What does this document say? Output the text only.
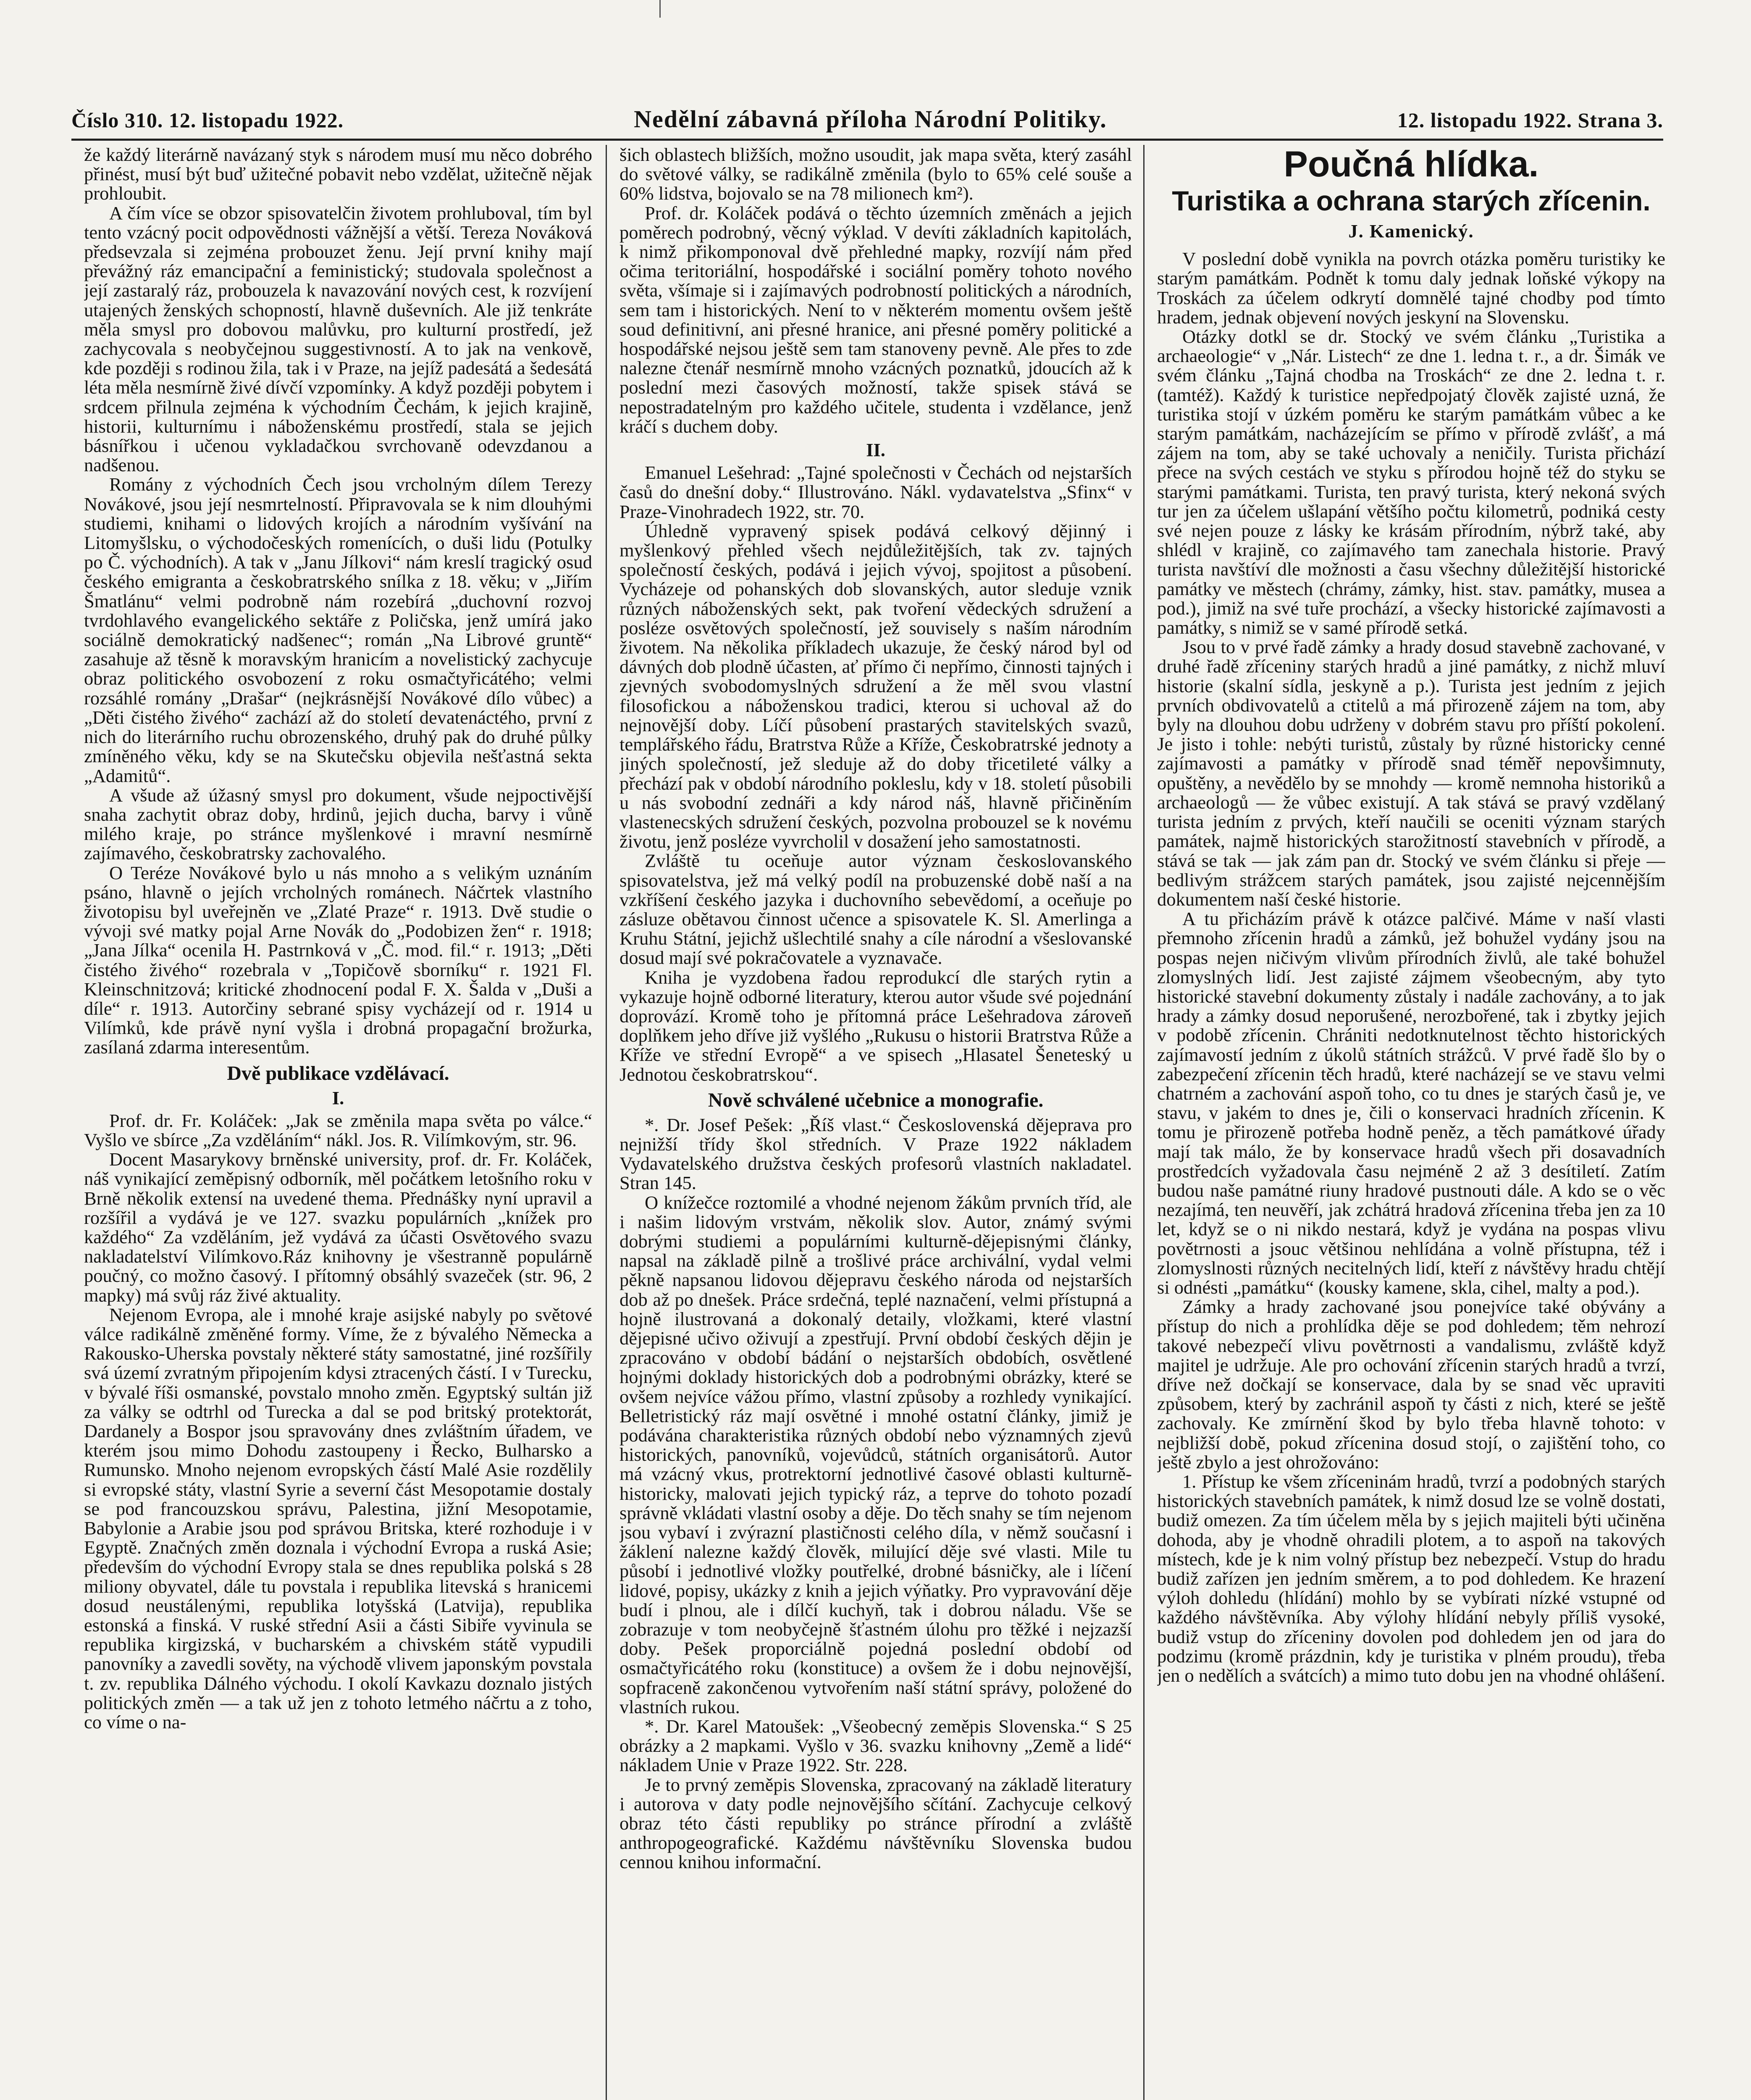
Číslo 310. 12. listopadu 1922.	Nedělní zábavná příloha Národní Politiky.	12. listopadu 1922. Strana 3.

že každý literárně navázaný styk s národem musí mu něco dobrého přinést, musí být buď užitečné pobavit nebo vzdělat, užitečně nějak prohloubit.

A čím více se obzor spisovatelčin životem prohluboval, tím byl tento vzácný pocit odpovědnosti vážnější a větší. Tereza Nováková předsevzala si zejména probouzet ženu. Její první knihy mají převážný ráz emancipační a feministický; studovala společnost a její zastaralý ráz, probouzela k navazování nových cest, k rozvíjení utajených ženských schopností, hlavně duševních. Ale již tenkráte měla smysl pro dobovou malůvku, pro kulturní prostředí, jež zachycovala s neobyčejnou suggestivností. A to jak na venkově, kde později s rodinou žila, tak i v Praze, na jejíž padesátá a šedesátá léta měla nesmírně živé dívčí vzpomínky. A když později pobytem i srdcem přilnula zejména k východním Čechám, k jejich krajině, historii, kulturnímu i náboženskému prostředí, stala se jejich básnířkou i učenou vykladačkou svrchovaně odevzdanou a nadšenou.

Romány z východních Čech jsou vrcholným dílem Terezy Novákové, jsou její nesmrtelností. Připravovala se k nim dlouhými studiemi, knihami o lidových krojích a národním vyšívání na Litomyšlsku, o východočeských romenících, o duši lidu (Potulky po Č. východních). A tak v „Janu Jílkovi“ nám kreslí tragický osud českého emigranta a českobratrského snílka z 18. věku; v „Jiřím Šmatlánu“ velmi podrobně nám rozebírá „duchovní rozvoj tvrdohlavého evangelického sektáře z Poličska, jenž umírá jako sociálně demokratický nadšenec“; román „Na Librové gruntě“ zasahuje až těsně k moravským hranicím a novelistický zachycuje obraz politického osvobození z roku osmačtyřicátého; velmi rozsáhlé romány „Drašar“ (nejkrásnější Novákové dílo vůbec) a „Děti čistého živého“ zachází až do století devatenáctého, první z nich do literárního ruchu obrozenského, druhý pak do druhé půlky zmíněného věku, kdy se na Skutečsku objevila nešťastná sekta „Adamitů“.

A všude až úžasný smysl pro dokument, všude nejpoctivější snaha zachytit obraz doby, hrdinů, jejich ducha, barvy i vůně milého kraje, po stránce myšlenkové i mravní nesmírně zajímavého, českobratrsky zachovalého.

O Teréze Novákové bylo u nás mnoho a s velikým uznáním psáno, hlavně o jejích vrcholných románech. Náčrtek vlastního životopisu byl uveřejněn ve „Zlaté Praze“ r. 1913. Dvě studie o vývoji své matky pojal Arne Novák do „Podobizen žen“ r. 1918; „Jana Jílka“ ocenila H. Pastrnková v „Č. mod. fil.“ r. 1913; „Děti čistého živého“ rozebrala v „Topičově sborníku“ r. 1921 Fl. Kleinschnitzová; kritické zhodnocení podal F. X. Šalda v „Duši a díle“ r. 1913. Autorčiny sebrané spisy vycházejí od r. 1914 u Vilímků, kde právě nyní vyšla i drobná propagační brožurka, zasílaná zdarma interesentům.

Dvě publikace vzdělávací.
I.

Prof. dr. Fr. Koláček: „Jak se změnila mapa světa po válce.“ Vyšlo ve sbírce „Za vzděláním“ nákl. Jos. R. Vilímkovým, str. 96.

Docent Masarykovy brněnské university, prof. dr. Fr. Koláček, náš vynikající zeměpisný odborník, měl počátkem letošního roku v Brně několik extensí na uvedené thema. Přednášky nyní upravil a rozšířil a vydává je ve 127. svazku populárních „knížek pro každého“ Za vzděláním, jež vydává za účasti Osvětového svazu nakladatelství Vilímkovo.Ráz knihovny je všestranně populárně poučný, co možno časový. I přítomný obsáhlý svazeček (str. 96, 2 mapky) má svůj ráz živé aktuality.

Nejenom Evropa, ale i mnohé kraje asijské nabyly po světové válce radikálně změněné formy. Víme, že z bývalého Německa a Rakousko-Uherska povstaly některé státy samostatné, jiné rozšířily svá území zvratným připojením kdysi ztracených částí. I v Turecku, v bývalé říši osmanské, povstalo mnoho změn. Egyptský sultán již za války se odtrhl od Turecka a dal se pod britský protektorát, Dardanely a Bospor jsou spravovány dnes zvláštním úřadem, ve kterém jsou mimo Dohodu zastoupeny i Řecko, Bulharsko a Rumunsko. Mnoho nejenom evropských částí Malé Asie rozdělily si evropské státy, vlastní Syrie a severní část Mesopotamie dostaly se pod francouzskou správu, Palestina, jižní Mesopotamie, Babylonie a Arabie jsou pod správou Britska, které rozhoduje i v Egyptě. Značných změn doznala i východní Evropa a ruská Asie; především do východní Evropy stala se dnes republika polská s 28 miliony obyvatel, dále tu povstala i republika litevská s hranicemi dosud neustálenými, republika lotyšská (Latvija), republika estonská a finská. V ruské střední Asii a části Sibiře vyvinula se republika kirgizská, v bucharském a chivském státě vypudili panovníky a zavedli sověty, na východě vlivem japonským povstala t. zv. republika Dálného východu. I okolí Kavkazu doznalo jistých politických změn — a tak už jen z tohoto letmého náčrtu a z toho, co víme o na-

šich oblastech bližších, možno usoudit, jak mapa světa, který zasáhl do světové války, se radikálně změnila (bylo to 65% celé souše a 60% lidstva, bojovalo se na 78 milionech km²).

Prof. dr. Koláček podává o těchto územních změnách a jejich poměrech podrobný, věcný výklad. V devíti základních kapitolách, k nimž přikomponoval dvě přehledné mapky, rozvíjí nám před očima teritoriální, hospodářské i sociální poměry tohoto nového světa, všímaje si i zajímavých podrobností politických a národních, sem tam i historických. Není to v některém momentu ovšem ještě soud definitivní, ani přesné hranice, ani přesné poměry politické a hospodářské nejsou ještě sem tam stanoveny pevně. Ale přes to zde nalezne čtenář nesmírně mnoho vzácných poznatků, jdoucích až k poslední mezi časových možností, takže spisek stává se nepostradatelným pro každého učitele, studenta i vzdělance, jenž kráčí s duchem doby.

II.

Emanuel Lešehrad: „Tajné společnosti v Čechách od nejstarších časů do dnešní doby.“ Illustrováno. Nákl. vydavatelstva „Sfinx“ v Praze-Vinohradech 1922, str. 70.

Úhledně vypravený spisek podává celkový dějinný i myšlenkový přehled všech nejdůležitějších, tak zv. tajných společností českých, podává i jejich vývoj, spojitost a působení. Vycházeje od pohanských dob slovanských, autor sleduje vznik různých náboženských sekt, pak tvoření vědeckých sdružení a posléze osvětových společností, jež souvisely s naším národním životem. Na několika příkladech ukazuje, že český národ byl od dávných dob plodně účasten, ať přímo či nepřímo, činnosti tajných i zjevných svobodomyslných sdružení a že měl svou vlastní filosofickou a náboženskou tradici, kterou si uchoval až do nejnovější doby. Líčí působení prastarých stavitelských svazů, templářského řádu, Bratrstva Růže a Kříže, Českobratrské jednoty a jiných společností, jež sleduje až do doby třicetileté války a přechází pak v období národního pokleslu, kdy v 18. století působili u nás svobodní zednáři a kdy národ náš, hlavně přičiněním vlastenecských sdružení českých, pozvolna probouzel se k novému životu, jenž posléze vyvrcholil v dosažení jeho samostatnosti.

Zvláště tu oceňuje autor význam českoslovanského spisovatelstva, jež má velký podíl na probuzenské době naší a na vzkříšení českého jazyka i duchovního sebevědomí, a oceňuje po zásluze obětavou činnost učence a spisovatele K. Sl. Amerlinga a Kruhu Státní, jejichž ušlechtilé snahy a cíle národní a všeslovanské dosud mají své pokračovatele a vyznavače.

Kniha je vyzdobena řadou reprodukcí dle starých rytin a vykazuje hojně odborné literatury, kterou autor všude své pojednání doprovází. Kromě toho je přítomná práce Lešehradova zároveň doplňkem jeho dříve již vyšlého „Rukusu o historii Bratrstva Růže a Kříže ve střední Evropě“ a ve spisech „Hlasatel Šeneteský u Jednotou českobratrskou“.

Nově schválené učebnice a monografie.

*. Dr. Josef Pešek: „Říš vlast.“ Československá dějeprava pro nejnižší třídy škol středních. V Praze 1922 nákladem Vydavatelského družstva českých profesorů vlastních nakladatel. Stran 145.

O knížečce roztomilé a vhodné nejenom žákům prvních tříd, ale i našim lidovým vrstvám, několik slov. Autor, známý svými dobrými studiemi a populárními kulturně-dějepisnými články, napsal na základě pilně a trošlivé práce archivální, vydal velmi pěkně napsanou lidovou dějepravu českého národa od nejstarších dob až po dnešek. Práce srdečná, teplé naznačení, velmi přístupná a hojně ilustrovaná a dokonalý detaily, vložkami, které vlastní dějepisné učivo oživují a zpestřují. První období českých dějin je zpracováno v období bádání o nejstarších obdobích, osvětlené hojnými doklady historických dob a podrobnými obrázky, které se ovšem nejvíce vážou přímo, vlastní způsoby a rozhledy vynikající. Belletristický ráz mají osvětné i mnohé ostatní články, jimiž je podávána charakteristika různých období nebo významných zjevů historických, panovníků, vojevůdců, státních organisátorů. Autor má vzácný vkus, protrektorní jednotlivé časové oblasti kulturně-historicky, malovati jejich typický ráz, a teprve do tohoto pozadí správně vkládati vlastní osoby a děje. Do těch snahy se tím nejenom jsou vybaví i zvýrazní plastičnosti celého díla, v němž současní i žáklení nalezne každý člověk, milující děje své vlasti. Mile tu působí i jednotlivé vložky poutřelké, drobné básničky, ale i líčení lidové, popisy, ukázky z knih a jejich výňatky. Pro vypravování děje budí i plnou, ale i dílčí kuchyň, tak i dobrou náladu. Vše se zobrazuje v tom neobyčejně šťastném úlohu pro těžké i nejzazší doby. Pešek proporciálně pojedná poslední období od osmačtyřicátého roku (konstituce) a ovšem že i dobu nejnovější, sopfraceně zakončenou vytvořením naší státní správy, položené do vlastních rukou.

*. Dr. Karel Matoušek: „Všeobecný zeměpis Slovenska.“ S 25 obrázky a 2 mapkami. Vyšlo v 36. svazku knihovny „Země a lidé“ nákladem Unie v Praze 1922. Str. 228.

Je to prvný zeměpis Slovenska, zpracovaný na základě literatury i autorova v daty podle nejnovějšího sčítání. Zachycuje celkový obraz této části republiky po stránce přírodní a zvláště anthropogeografické. Každému návštěvníku Slovenska budou cennou knihou informační.

Poučná hlídka.
Turistika a ochrana starých zřícenin.
J. Kamenický.

V poslední době vynikla na povrch otázka poměru turistiky ke starým památkám. Podnět k tomu daly jednak loňské výkopy na Troskách za účelem odkrytí domnělé tajné chodby pod tímto hradem, jednak objevení nových jeskyní na Slovensku.

Otázky dotkl se dr. Stocký ve svém článku „Turistika a archaeologie“ v „Nár. Listech“ ze dne 1. ledna t. r., a dr. Šimák ve svém článku „Tajná chodba na Troskách“ ze dne 2. ledna t. r. (tamtéž). Každý k turistice nepředpojatý člověk zajisté uzná, že turistika stojí v úzkém poměru ke starým památkám vůbec a ke starým památkám, nacházejícím se přímo v přírodě zvlášť, a má zájem na tom, aby se také uchovaly a neničily. Turista přichází přece na svých cestách ve styku s přírodou hojně též do styku se starými památkami. Turista, ten pravý turista, který nekoná svých tur jen za účelem ušlapání většího počtu kilometrů, podniká cesty své nejen pouze z lásky ke krásám přírodním, nýbrž také, aby shlédl v krajině, co zajímavého tam zanechala historie. Pravý turista navštíví dle možnosti a času všechny důležitější historické památky ve městech (chrámy, zámky, hist. stav. památky, musea a pod.), jimiž na své tuře prochází, a všecky historické zajímavosti a památky, s nimiž se v samé přírodě setká.

Jsou to v prvé řadě zámky a hrady dosud stavebně zachované, v druhé řadě zříceniny starých hradů a jiné památky, z nichž mluví historie (skalní sídla, jeskyně a p.). Turista jest jedním z jejich prvních obdivovatelů a ctitelů a má přirozeně zájem na tom, aby byly na dlouhou dobu udrženy v dobrém stavu pro příští pokolení. Je jisto i tohle: nebýti turistů, zůstaly by různé historicky cenné zajímavosti a památky v přírodě snad téměř nepovšimnuty, opuštěny, a nevědělo by se mnohdy — kromě nemnoha historiků a archaeologů — že vůbec existují. A tak stává se pravý vzdělaný turista jedním z prvých, kteří naučili se oceniti význam starých památek, najmě historických starožitností stavebních v přírodě, a stává se tak — jak zám pan dr. Stocký ve svém článku si přeje — bedlivým strážcem starých památek, jsou zajisté nejcennějším dokumentem naší české historie.

A tu přicházím právě k otázce palčivé. Máme v naší vlasti přemnoho zřícenin hradů a zámků, jež bohužel vydány jsou na pospas nejen ničivým vlivům přírodních živlů, ale také bohužel zlomyslných lidí. Jest zajisté zájmem všeobecným, aby tyto historické stavební dokumenty zůstaly i nadále zachovány, a to jak hrady a zámky dosud neporušené, nerozbořené, tak i zbytky jejich v podobě zřícenin. Chrániti nedotknutelnost těchto historických zajímavostí jedním z úkolů státních strážců. V prvé řadě šlo by o zabezpečení zřícenin těch hradů, které nacházejí se ve stavu velmi chatrném a zachování aspoň toho, co tu dnes je starých časů je, ve stavu, v jakém to dnes je, čili o konservaci hradních zřícenin. K tomu je přirozeně potřeba hodně peněz, a těch památkové úřady mají tak málo, že by konservace hradů všech při dosavadních prostředcích vyžadovala času nejméně 2 až 3 desítiletí. Zatím budou naše památné riuny hradové pustnouti dále. A kdo se o věc nezajímá, ten neuvěří, jak zchátrá hradová zřícenina třeba jen za 10 let, když se o ni nikdo nestará, když je vydána na pospas vlivu povětrnosti a jsouc většinou nehlídána a volně přístupna, též i zlomyslnosti různých necitelných lidí, kteří z návštěvy hradu chtějí si odnésti „památku“ (kousky kamene, skla, cihel, malty a pod.).

Zámky a hrady zachované jsou ponejvíce také obývány a přístup do nich a prohlídka děje se pod dohledem; těm nehrozí takové nebezpečí vlivu povětrnosti a vandalismu, zvláště když majitel je udržuje. Ale pro ochování zřícenin starých hradů a tvrzí, dříve než dočkají se konservace, dala by se snad věc upraviti způsobem, který by zachránil aspoň ty části z nich, které se ještě zachovaly. Ke zmírnění škod by bylo třeba hlavně tohoto: v nejbližší době, pokud zřícenina dosud stojí, o zajištění toho, co ještě zbylo a jest ohrožováno:

1. Přístup ke všem zříceninám hradů, tvrzí a podobných starých historických stavebních památek, k nimž dosud lze se volně dostati, budiž omezen. Za tím účelem měla by s jejich majiteli býti učiněna dohoda, aby je vhodně ohradili plotem, a to aspoň na takových místech, kde je k nim volný přístup bez nebezpečí. Vstup do hradu budiž zařízen jen jedním směrem, a to pod dohledem. Ke hrazení výloh dohledu (hlídání) mohlo by se vybírati nízké vstupné od každého návštěvníka. Aby výlohy hlídání nebyly příliš vysoké, budiž vstup do zříceniny dovolen pod dohledem jen od jara do podzimu (kromě prázdnin, kdy je turistika v plném proudu), třeba jen o nedělích a svátcích) a mimo tuto dobu jen na vhodné ohlášení.
